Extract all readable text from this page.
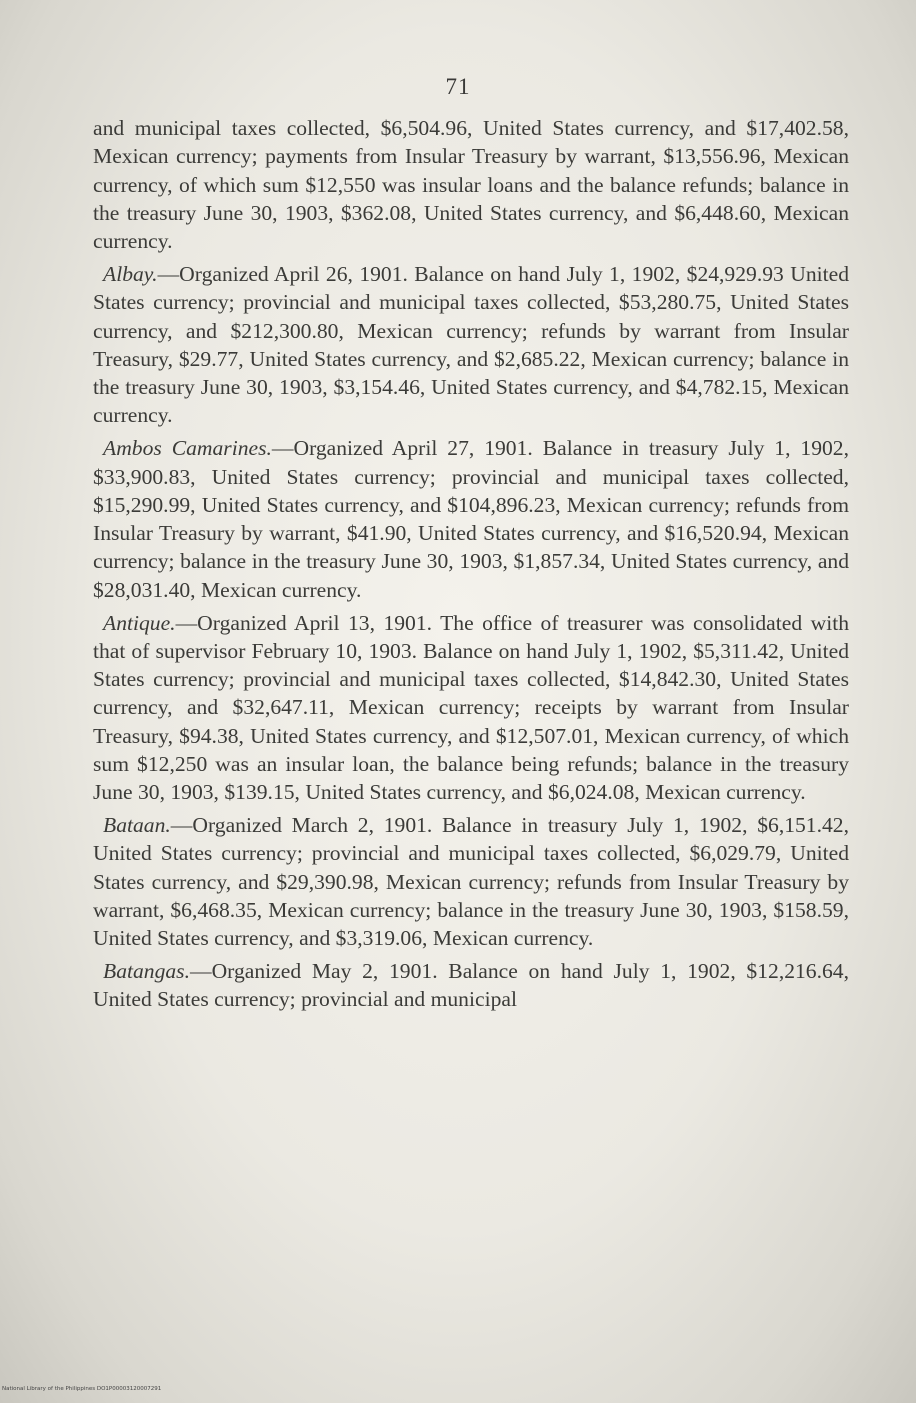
71

and municipal taxes collected, $6,504.96, United States currency, and $17,402.58, Mexican currency; payments from Insular Treasury by warrant, $13,556.96, Mexican currency, of which sum $12,550 was insular loans and the balance refunds; balance in the treasury June 30, 1903, $362.08, United States currency, and $6,448.60, Mexican currency.

Albay.—Organized April 26, 1901. Balance on hand July 1, 1902, $24,929.93 United States currency; provincial and municipal taxes collected, $53,280.75, United States currency, and $212,300.80, Mexican currency; refunds by warrant from Insular Treasury, $29.77, United States currency, and $2,685.22, Mexican currency; balance in the treasury June 30, 1903, $3,154.46, United States currency, and $4,782.15, Mexican currency.

Ambos Camarines.—Organized April 27, 1901. Balance in treasury July 1, 1902, $33,900.83, United States currency; provincial and municipal taxes collected, $15,290.99, United States currency, and $104,896.23, Mexican currency; refunds from Insular Treasury by warrant, $41.90, United States currency, and $16,520.94, Mexican currency; balance in the treasury June 30, 1903, $1,857.34, United States currency, and $28,031.40, Mexican currency.

Antique.—Organized April 13, 1901. The office of treasurer was consolidated with that of supervisor February 10, 1903. Balance on hand July 1, 1902, $5,311.42, United States currency; provincial and municipal taxes collected, $14,842.30, United States currency, and $32,647.11, Mexican currency; receipts by warrant from Insular Treasury, $94.38, United States currency, and $12,507.01, Mexican currency, of which sum $12,250 was an insular loan, the balance being refunds; balance in the treasury June 30, 1903, $139.15, United States currency, and $6,024.08, Mexican currency.

Bataan.—Organized March 2, 1901. Balance in treasury July 1, 1902, $6,151.42, United States currency; provincial and municipal taxes collected, $6,029.79, United States currency, and $29,390.98, Mexican currency; refunds from Insular Treasury by warrant, $6,468.35, Mexican currency; balance in the treasury June 30, 1903, $158.59, United States currency, and $3,319.06, Mexican currency.

Batangas.—Organized May 2, 1901. Balance on hand July 1, 1902, $12,216.64, United States currency; provincial and municipal

National Library of the Philippines DO1P00003120007291
